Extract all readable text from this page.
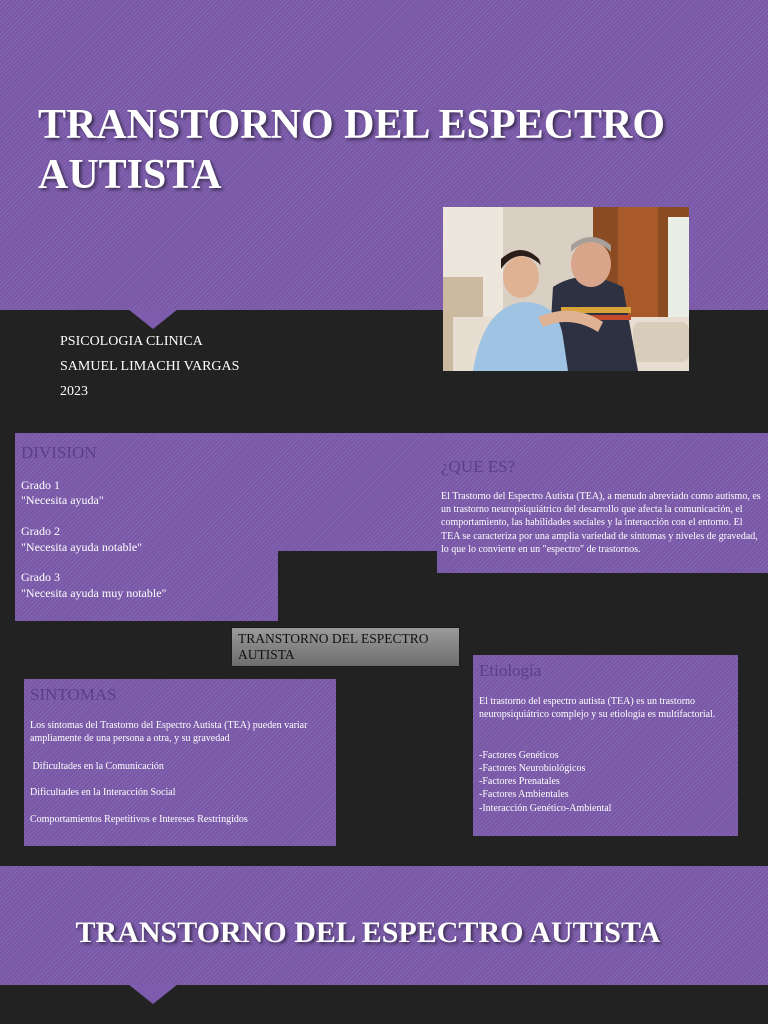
TRANSTORNO DEL ESPECTRO AUTISTA
PSICOLOGIA CLINICA
SAMUEL LIMACHI VARGAS
2023
DIVISION
Grado 1
"Necesita ayuda"
Grado 2
"Necesita ayuda notable"
Grado 3
"Necesita ayuda muy notable"
¿QUE ES?
El Trastorno del Espectro Autista (TEA), a menudo abreviado como autismo, es un trastorno neuropsiquiátrico del desarrollo que afecta la comunicación, el comportamiento, las habilidades sociales y la interacción con el entorno. El TEA se caracteriza por una amplia variedad de síntomas y niveles de gravedad, lo que lo convierte en un "espectro" de trastornos.
TRANSTORNO DEL ESPECTRO AUTISTA
SINTOMAS
Los síntomas del Trastorno del Espectro Autista (TEA) pueden variar ampliamente de una persona a otra, y su gravedad
Dificultades en la Comunicación
Dificultades en la Interacción Social
Comportamientos Repetitivos e Intereses Restringidos
Etiología
El trastorno del espectro autista (TEA) es un trastorno neuropsiquiátrico complejo y su etiología es multifactorial.
-Factores Genéticos
-Factores Neurobiológicos
-Factores Prenatales
-Factores Ambientales
-Interacción Genético-Ambiental
TRANSTORNO DEL ESPECTRO AUTISTA
